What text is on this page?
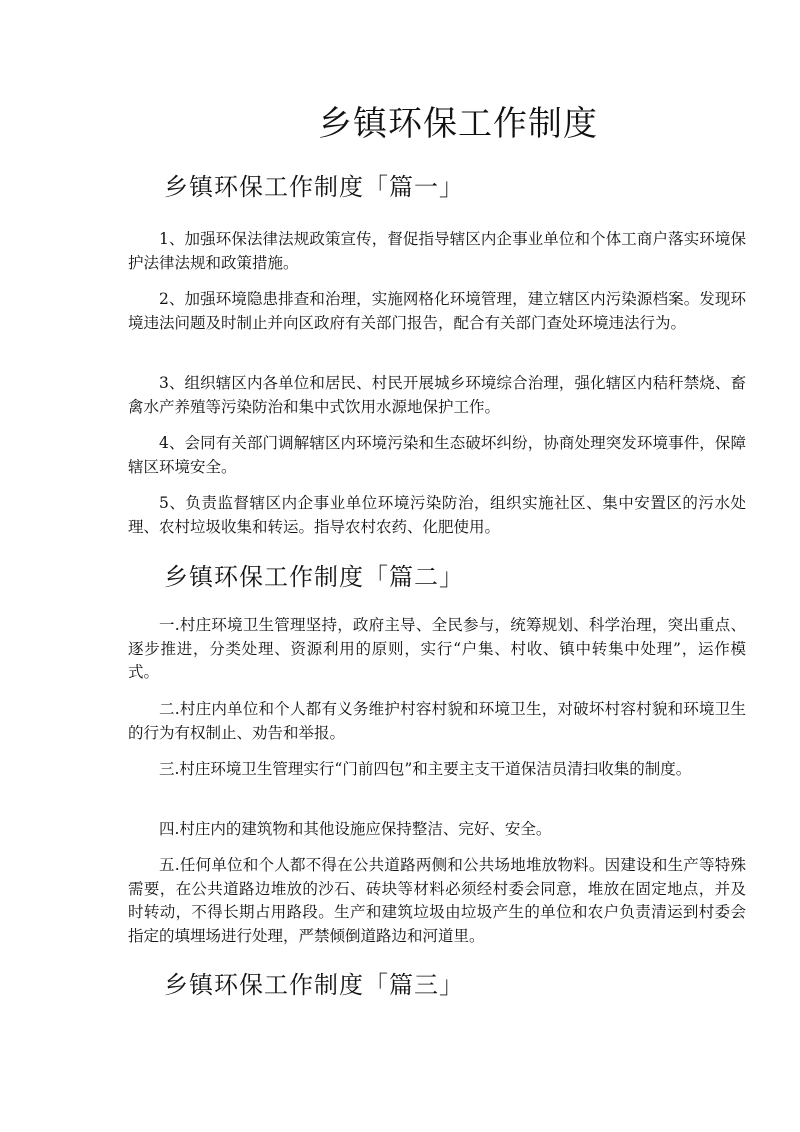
乡镇环保工作制度
乡镇环保工作制度「篇一」

1、加强环保法律法规政策宣传，督促指导辖区内企事业单位和个体工商户落实环境保护法律法规和政策措施。

2、加强环境隐患排查和治理，实施网格化环境管理，建立辖区内污染源档案。发现环境违法问题及时制止并向区政府有关部门报告，配合有关部门查处环境违法行为。

3、组织辖区内各单位和居民、村民开展城乡环境综合治理，强化辖区内秸秆禁烧、畜禽水产养殖等污染防治和集中式饮用水源地保护工作。

4、会同有关部门调解辖区内环境污染和生态破坏纠纷，协商处理突发环境事件，保障辖区环境安全。

5、负责监督辖区内企事业单位环境污染防治，组织实施社区、集中安置区的污水处理、农村垃圾收集和转运。指导农村农药、化肥使用。

乡镇环保工作制度「篇二」

一.村庄环境卫生管理坚持，政府主导、全民参与，统筹规划、科学治理，突出重点、逐步推进，分类处理、资源利用的原则，实行“户集、村收、镇中转集中处理”，运作模式。

二.村庄内单位和个人都有义务维护村容村貌和环境卫生，对破坏村容村貌和环境卫生的行为有权制止、劝告和举报。

三.村庄环境卫生管理实行“门前四包”和主要主支干道保洁员清扫收集的制度。

四.村庄内的建筑物和其他设施应保持整洁、完好、安全。

五.任何单位和个人都不得在公共道路两侧和公共场地堆放物料。因建设和生产等特殊需要，在公共道路边堆放的沙石、砖块等材料必须经村委会同意，堆放在固定地点，并及时转动，不得长期占用路段。生产和建筑垃圾由垃圾产生的单位和农户负责清运到村委会指定的填埋场进行处理，严禁倾倒道路边和河道里。

乡镇环保工作制度「篇三」
